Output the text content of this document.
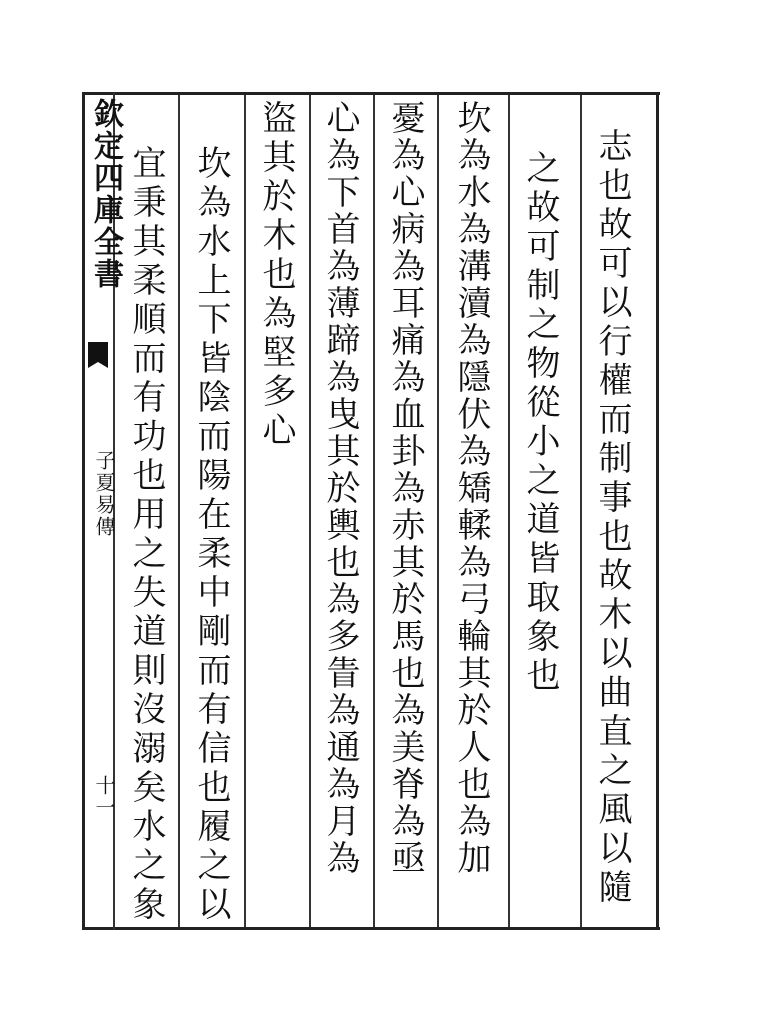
欽定四庫全書
子夏易傳
十一	志也故可以行權而制事也故木以曲直之風以隨
之故可制之物從小之道皆取象也
坎為水為溝瀆為隱伏為矯輮為弓輪其於人也為加
憂為心病為耳痛為血卦為赤其於馬也為美脊為亟
心為下首為薄蹄為曳其於輿也為多眚為通為月為
盜其於木也為堅多心
坎為水上下皆陰而陽在柔中剛而有信也履之以
宜秉其柔順而有功也用之失道則沒溺矣水之象
